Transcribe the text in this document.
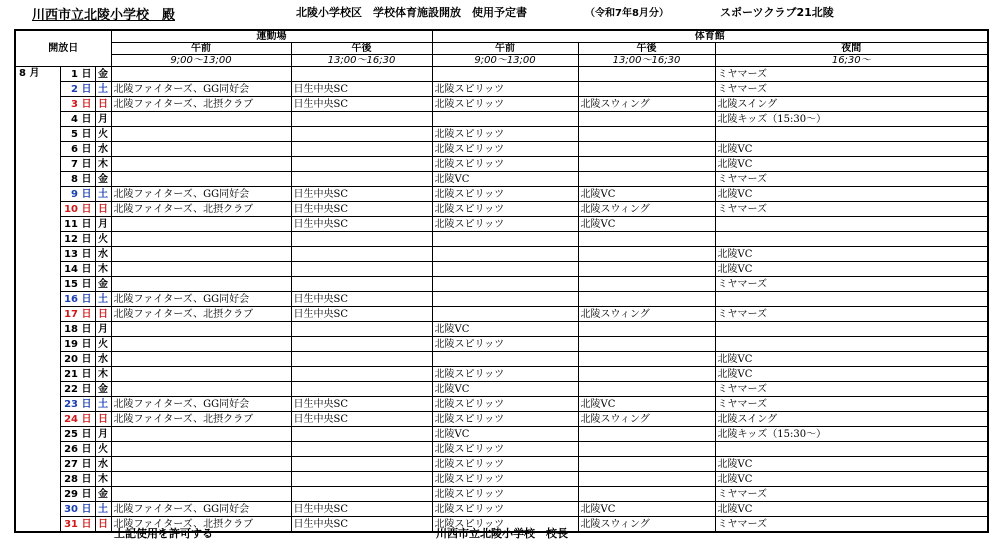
川西市立北陵小学校　殿	北陵小学校区　学校体育施設開放　使用予定書	（令和7年8月分）	スポーツクラブ21北陵
開放日			運動場		体育館		
			午前	午後	午前	午後	夜間
			9;00～13;00	13;00～16;30	9;00～13;00	13;00～16;30	16;30～
8 月	1 日	金					ミヤマーズ
	2 日	土	北陵ファイターズ、GG同好会	日生中央SC	北陵スピリッツ		ミヤマーズ
	3 日	日	北陵ファイターズ、北摂クラブ	日生中央SC	北陵スピリッツ	北陵スウィング	北陵スイング
	4 日	月					北陵キッズ（15:30～）
	5 日	火			北陵スピリッツ		
	6 日	水			北陵スピリッツ		北陵VC
	7 日	木			北陵スピリッツ		北陵VC
	8 日	金			北陵VC		ミヤマーズ
	9 日	土	北陵ファイターズ、GG同好会	日生中央SC	北陵スピリッツ	北陵VC	北陵VC
	10 日	日	北陵ファイターズ、北摂クラブ	日生中央SC	北陵スピリッツ	北陵スウィング	ミヤマーズ
	11 日	月		日生中央SC	北陵スピリッツ	北陵VC	
	12 日	火					
	13 日	水					北陵VC
	14 日	木					北陵VC
	15 日	金					ミヤマーズ
	16 日	土	北陵ファイターズ、GG同好会	日生中央SC			
	17 日	日	北陵ファイターズ、北摂クラブ	日生中央SC		北陵スウィング	ミヤマーズ
	18 日	月			北陵VC		
	19 日	火			北陵スピリッツ		
	20 日	水					北陵VC
	21 日	木			北陵スピリッツ		北陵VC
	22 日	金			北陵VC		ミヤマーズ
	23 日	土	北陵ファイターズ、GG同好会	日生中央SC	北陵スピリッツ	北陵VC	ミヤマーズ
	24 日	日	北陵ファイターズ、北摂クラブ	日生中央SC	北陵スピリッツ	北陵スウィング	北陵スイング
	25 日	月			北陵VC		北陵キッズ（15:30～）
	26 日	火			北陵スピリッツ		
	27 日	水			北陵スピリッツ		北陵VC
	28 日	木			北陵スピリッツ		北陵VC
	29 日	金			北陵スピリッツ		ミヤマーズ
	30 日	土	北陵ファイターズ、GG同好会	日生中央SC	北陵スピリッツ	北陵VC	北陵VC
	31 日	日	北陵ファイターズ、北摂クラブ	日生中央SC	北陵スピリッツ	北陵スウィング	ミヤマーズ
上記使用を許可する	川西市立北陵小学校　校長
